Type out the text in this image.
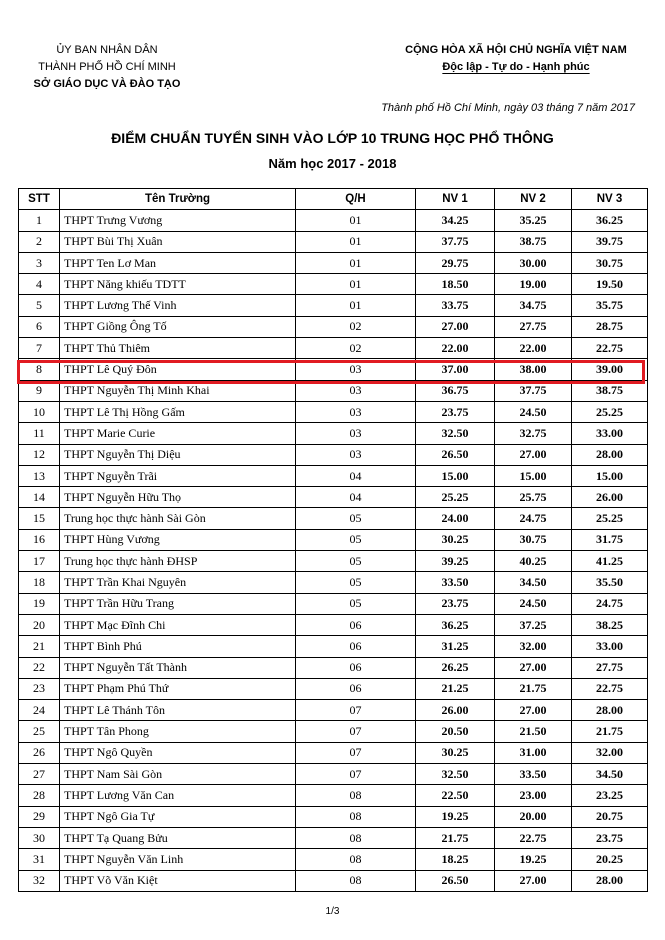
ỦY BAN NHÂN DÂN
THÀNH PHỐ HỒ CHÍ MINH
SỞ GIÁO DỤC VÀ ĐÀO TẠO
CỘNG HÒA XÃ HỘI CHỦ NGHĨA VIỆT NAM
Độc lập - Tự do - Hạnh phúc
Thành phố Hồ Chí Minh, ngày 03 tháng 7 năm 2017
ĐIỂM CHUẨN TUYỂN SINH VÀO LỚP 10 TRUNG HỌC PHỔ THÔNG
Năm học 2017 - 2018
STT	Tên Trường	Q/H	NV 1	NV 2	NV 3
1	THPT Trưng Vương	01	34.25	35.25	36.25
2	THPT Bùi Thị Xuân	01	37.75	38.75	39.75
3	THPT Ten Lơ Man	01	29.75	30.00	30.75
4	THPT Năng khiếu TDTT	01	18.50	19.00	19.50
5	THPT Lương Thế Vinh	01	33.75	34.75	35.75
6	THPT Giồng Ông Tố	02	27.00	27.75	28.75
7	THPT Thủ Thiêm	02	22.00	22.00	22.75
8	THPT Lê Quý Đôn	03	37.00	38.00	39.00
9	THPT Nguyễn Thị Minh Khai	03	36.75	37.75	38.75
10	THPT Lê Thị Hồng Gấm	03	23.75	24.50	25.25
11	THPT Marie Curie	03	32.50	32.75	33.00
12	THPT Nguyễn Thị Diệu	03	26.50	27.00	28.00
13	THPT Nguyễn Trãi	04	15.00	15.00	15.00
14	THPT Nguyễn Hữu Thọ	04	25.25	25.75	26.00
15	Trung học thực hành Sài Gòn	05	24.00	24.75	25.25
16	THPT Hùng Vương	05	30.25	30.75	31.75
17	Trung học thực hành ĐHSP	05	39.25	40.25	41.25
18	THPT Trần Khai Nguyên	05	33.50	34.50	35.50
19	THPT Trần Hữu Trang	05	23.75	24.50	24.75
20	THPT Mạc Đĩnh Chi	06	36.25	37.25	38.25
21	THPT Bình Phú	06	31.25	32.00	33.00
22	THPT Nguyễn Tất Thành	06	26.25	27.00	27.75
23	THPT Phạm Phú Thứ	06	21.25	21.75	22.75
24	THPT Lê Thánh Tôn	07	26.00	27.00	28.00
25	THPT Tân Phong	07	20.50	21.50	21.75
26	THPT Ngô Quyền	07	30.25	31.00	32.00
27	THPT Nam Sài Gòn	07	32.50	33.50	34.50
28	THPT Lương Văn Can	08	22.50	23.00	23.25
29	THPT Ngô Gia Tự	08	19.25	20.00	20.75
30	THPT Tạ Quang Bửu	08	21.75	22.75	23.75
31	THPT Nguyễn Văn Linh	08	18.25	19.25	20.25
32	THPT Võ Văn Kiệt	08	26.50	27.00	28.00
1/3
